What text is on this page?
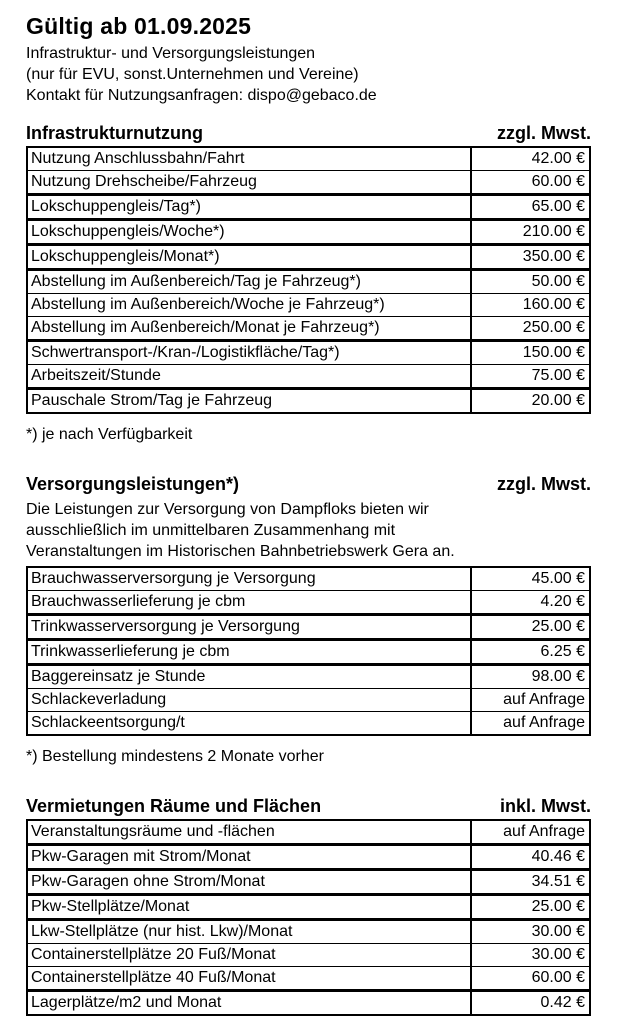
Gültig ab 01.09.2025

Infrastruktur- und Versorgungsleistungen

(nur für EVU, sonst.Unternehmen und Vereine)

Kontakt für Nutzungsanfragen: dispo@gebaco.de

Infrastrukturnutzung	zzgl. Mwst.
Nutzung Anschlussbahn/Fahrt	42.00 €
Nutzung Drehscheibe/Fahrzeug	60.00 €
Lokschuppengleis/Tag*)	65.00 €
Lokschuppengleis/Woche*)	210.00 €
Lokschuppengleis/Monat*)	350.00 €
Abstellung im Außenbereich/Tag je Fahrzeug*)	50.00 €
Abstellung im Außenbereich/Woche je Fahrzeug*)	160.00 €
Abstellung im Außenbereich/Monat je Fahrzeug*)	250.00 €
Schwertransport-/Kran-/Logistikfläche/Tag*)	150.00 €
Arbeitszeit/Stunde	75.00 €
Pauschale Strom/Tag je Fahrzeug	20.00 €

*) je nach Verfügbarkeit

Versorgungsleistungen*)	zzgl. Mwst.

Die Leistungen zur Versorgung von Dampfloks bieten wir

ausschließlich im unmittelbaren Zusammenhang mit

Veranstaltungen im Historischen Bahnbetriebswerk Gera an.

Brauchwasserversorgung je Versorgung	45.00 €
Brauchwasserlieferung je cbm	4.20 €
Trinkwasserversorgung je Versorgung	25.00 €
Trinkwasserlieferung je cbm	6.25 €
Baggereinsatz je Stunde	98.00 €
Schlackeverladung	auf Anfrage
Schlackeentsorgung/t	auf Anfrage

*) Bestellung mindestens 2 Monate vorher

Vermietungen Räume und Flächen	inkl. Mwst.
Veranstaltungsräume und -flächen	auf Anfrage
Pkw-Garagen mit Strom/Monat	40.46 €
Pkw-Garagen ohne Strom/Monat	34.51 €
Pkw-Stellplätze/Monat	25.00 €
Lkw-Stellplätze (nur hist. Lkw)/Monat	30.00 €
Containerstellplätze 20 Fuß/Monat	30.00 €
Containerstellplätze 40 Fuß/Monat	60.00 €
Lagerplätze/m2 und Monat	0.42 €
